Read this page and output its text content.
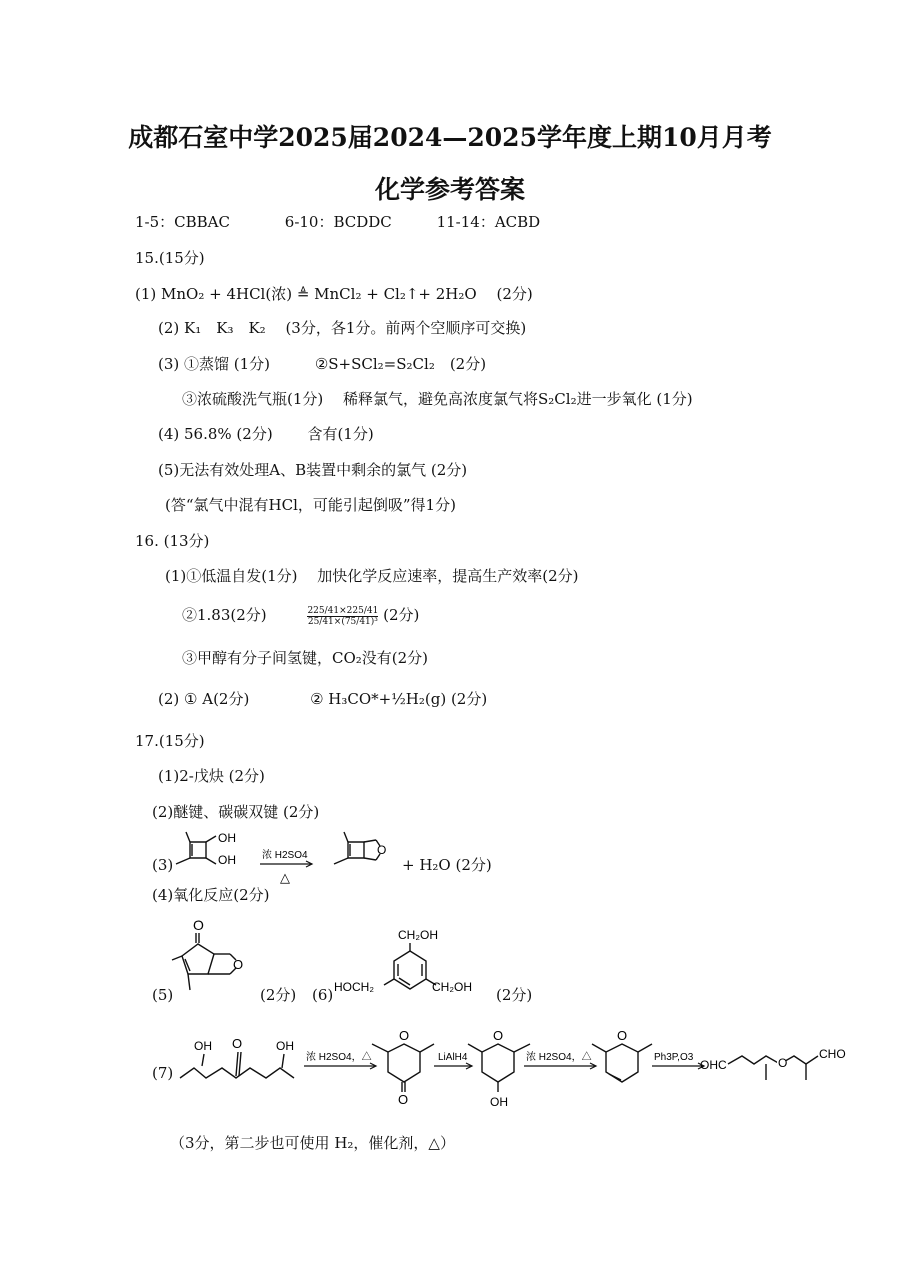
成都石室中学2025届2024—2025学年度上期10月月考
化学参考答案
1-5：CBBAC	6-10：BCDDC	11-14：ACBD
15.(15分)
(1) MnO₂ + 4HCl(浓) ≜ MnCl₂ + Cl₂↑+ 2H₂O　 (2分)
(2) K₁　K₃　K₂　 (3分，各1分。前两个空顺序可交换)
(3) ①蒸馏 (1分)	②S+SCl₂=S₂Cl₂　(2分)
③浓硫酸洗气瓶(1分)　 稀释氯气，避免高浓度氯气将S₂Cl₂进一步氧化 (1分)
(4) 56.8% (2分)　　 含有(1分)
(5)无法有效处理A、B装置中剩余的氯气 (2分)
(答“氯气中混有HCl，可能引起倒吸”得1分)
16. (13分)
(1)①低温自发(1分)　 加快化学反应速率，提高生产效率(2分)
②1.83(2分)	$\frac{225/41\times 225/41}{\text{25/41×(75/41)³}} (2$分)
③甲醇有分子间氢键，CO₂没有(2分)
(2) ① A(2分)	② H₃CO*+½H₂(g) (2分)
17.(15分)
(1)2-戊炔 (2分)
(2)醚键、碳碳双键 (2分)
(3)
OH
OH	浓 H2SO4
△
O
+ H₂O (2分)
(4)氧化反应(2分)
(5)
O
O
(2分) (6)
CH₂OH
HOCH₂	CH₂OH (2分)
(7)
OH O	OH
浓 H2SO4，△
O
O
LiAlH4
O
OH
浓 H2SO4，△
O
Ph3P,O3
OHC	O
CHO
（3分，第二步也可使用 H₂，催化剂，△）
